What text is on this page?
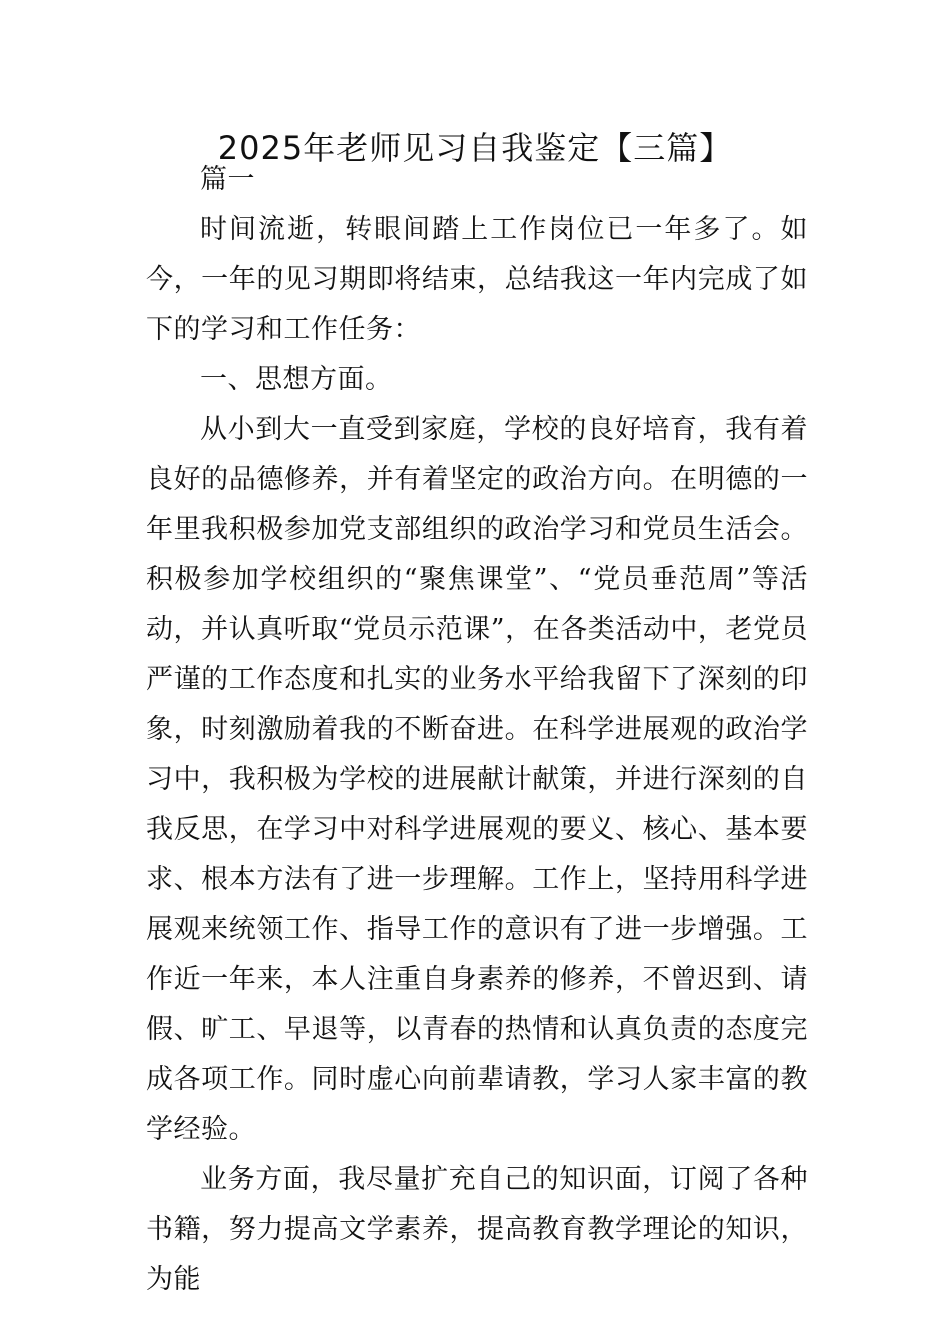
2025年老师见习自我鉴定【三篇】

篇一

时间流逝，转眼间踏上工作岗位已一年多了。如今，一年的见习期即将结束，总结我这一年内完成了如下的学习和工作任务：

一、思想方面。

从小到大一直受到家庭，学校的良好培育，我有着良好的品德修养，并有着坚定的政治方向。在明德的一年里我积极参加党支部组织的政治学习和党员生活会。积极参加学校组织的“聚焦课堂”、“党员垂范周”等活动，并认真听取“党员示范课”，在各类活动中，老党员严谨的工作态度和扎实的业务水平给我留下了深刻的印象，时刻激励着我的不断奋进。在科学进展观的政治学习中，我积极为学校的进展献计献策，并进行深刻的自我反思，在学习中对科学进展观的要义、核心、基本要求、根本方法有了进一步理解。工作上，坚持用科学进展观来统领工作、指导工作的意识有了进一步增强。工作近一年来，本人注重自身素养的修养，不曾迟到、请假、旷工、早退等，以青春的热情和认真负责的态度完成各项工作。同时虚心向前辈请教，学习人家丰富的教学经验。

业务方面，我尽量扩充自己的知识面，订阅了各种书籍，努力提高文学素养，提高教育教学理论的知识，为能
